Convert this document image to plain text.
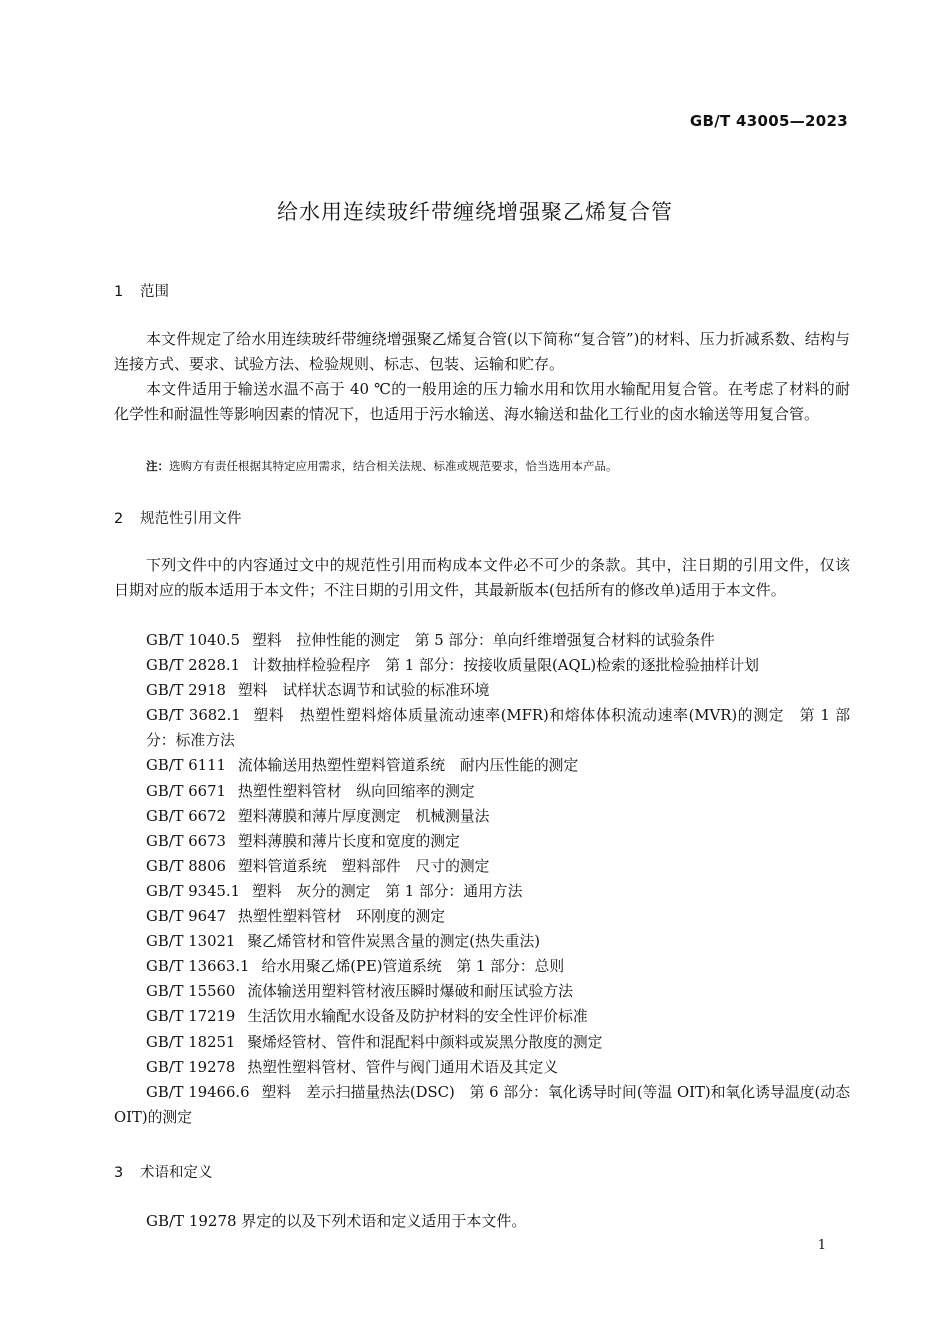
GB/T 43005—2023
给水用连续玻纤带缠绕增强聚乙烯复合管
1 范围
本文件规定了给水用连续玻纤带缠绕增强聚乙烯复合管(以下简称“复合管”)的材料、压力折减系数、结构与连接方式、要求、试验方法、检验规则、标志、包装、运输和贮存。
本文件适用于输送水温不高于 40 ℃的一般用途的压力输水用和饮用水输配用复合管。在考虑了材料的耐化学性和耐温性等影响因素的情况下，也适用于污水输送、海水输送和盐化工行业的卤水输送等用复合管。
注：选购方有责任根据其特定应用需求，结合相关法规、标准或规范要求，恰当选用本产品。
2 规范性引用文件
下列文件中的内容通过文中的规范性引用而构成本文件必不可少的条款。其中，注日期的引用文件，仅该日期对应的版本适用于本文件；不注日期的引用文件，其最新版本(包括所有的修改单)适用于本文件。
GB/T 1040.5 塑料　拉伸性能的测定　第 5 部分：单向纤维增强复合材料的试验条件
GB/T 2828.1 计数抽样检验程序　第 1 部分：按接收质量限(AQL)检索的逐批检验抽样计划
GB/T 2918 塑料　试样状态调节和试验的标准环境
GB/T 3682.1 塑料　热塑性塑料熔体质量流动速率(MFR)和熔体体积流动速率(MVR)的测定　第 1 部分：标准方法
GB/T 6111 流体输送用热塑性塑料管道系统　耐内压性能的测定
GB/T 6671 热塑性塑料管材　纵向回缩率的测定
GB/T 6672 塑料薄膜和薄片厚度测定　机械测量法
GB/T 6673 塑料薄膜和薄片长度和宽度的测定
GB/T 8806 塑料管道系统　塑料部件　尺寸的测定
GB/T 9345.1 塑料　灰分的测定　第 1 部分：通用方法
GB/T 9647 热塑性塑料管材　环刚度的测定
GB/T 13021 聚乙烯管材和管件炭黑含量的测定(热失重法)
GB/T 13663.1 给水用聚乙烯(PE)管道系统　第 1 部分：总则
GB/T 15560 流体输送用塑料管材液压瞬时爆破和耐压试验方法
GB/T 17219 生活饮用水输配水设备及防护材料的安全性评价标准
GB/T 18251 聚烯烃管材、管件和混配料中颜料或炭黑分散度的测定
GB/T 19278 热塑性塑料管材、管件与阀门通用术语及其定义
GB/T 19466.6 塑料　差示扫描量热法(DSC)　第 6 部分：氧化诱导时间(等温 OIT)和氧化诱导温度(动态 OIT)的测定
3 术语和定义
GB/T 19278 界定的以及下列术语和定义适用于本文件。
1
